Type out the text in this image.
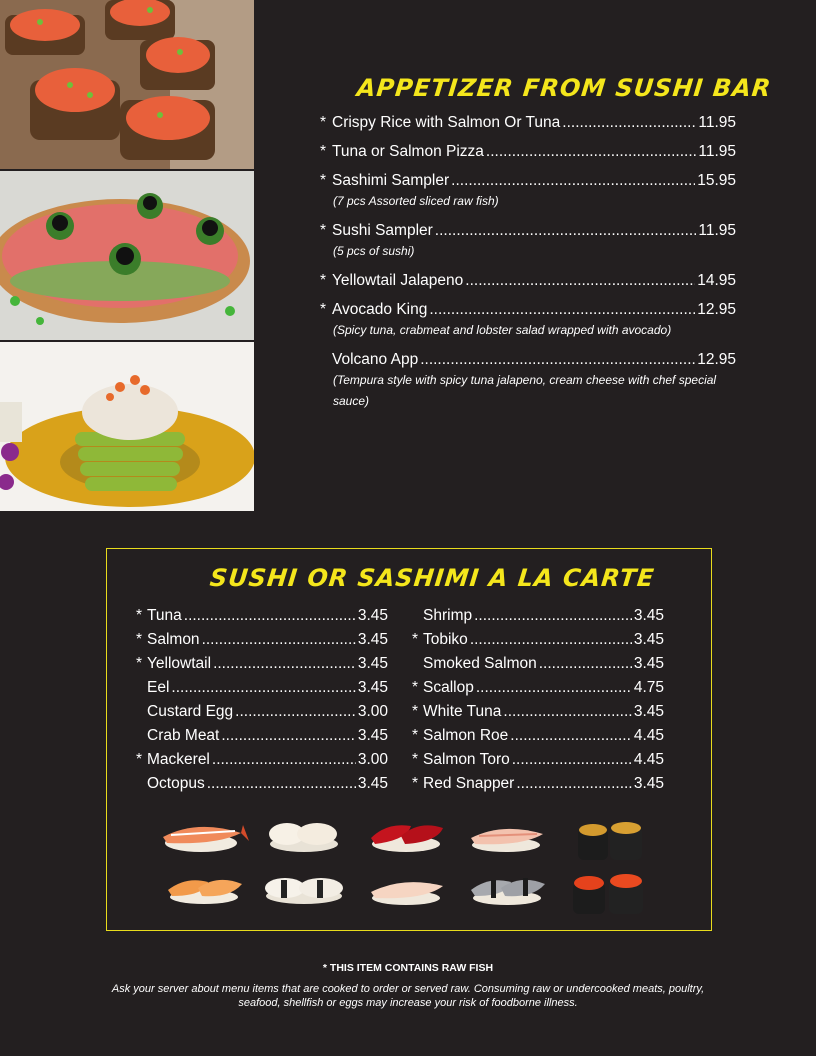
APPETIZER FROM SUSHI BAR
* Crispy Rice with Salmon Or Tuna .....	11.95
* Tuna or Salmon Pizza .....	11.95
* Sashimi Sampler .....	15.95
(7 pcs Assorted sliced raw fish)
* Sushi Sampler .....	11.95
(5 pcs of sushi)
* Yellowtail Jalapeno .....	14.95
* Avocado King .....	12.95
(Spicy tuna, crabmeat and lobster salad wrapped with avocado)
Volcano App .....	12.95
(Tempura style with spicy tuna jalapeno, cream cheese with chef special sauce)
SUSHI OR SASHIMI A LA CARTE
* Tuna .....	3.45
* Salmon .....	3.45
* Yellowtail .....	3.45
Eel .....	3.45
Custard Egg .....	3.00
Crab Meat .....	3.45
* Mackerel .....	3.00
Octopus .....	3.45
Shrimp .....	3.45
* Tobiko .....	3.45
Smoked Salmon .....	3.45
* Scallop .....	4.75
* White Tuna .....	3.45
* Salmon Roe .....	4.45
* Salmon Toro .....	4.45
* Red Snapper .....	3.45
* THIS ITEM CONTAINS RAW FISH
Ask your server about menu items that are cooked to order or served raw. Consuming raw or undercooked meats, poultry, seafood, shellfish or eggs may increase your risk of foodborne illness.
